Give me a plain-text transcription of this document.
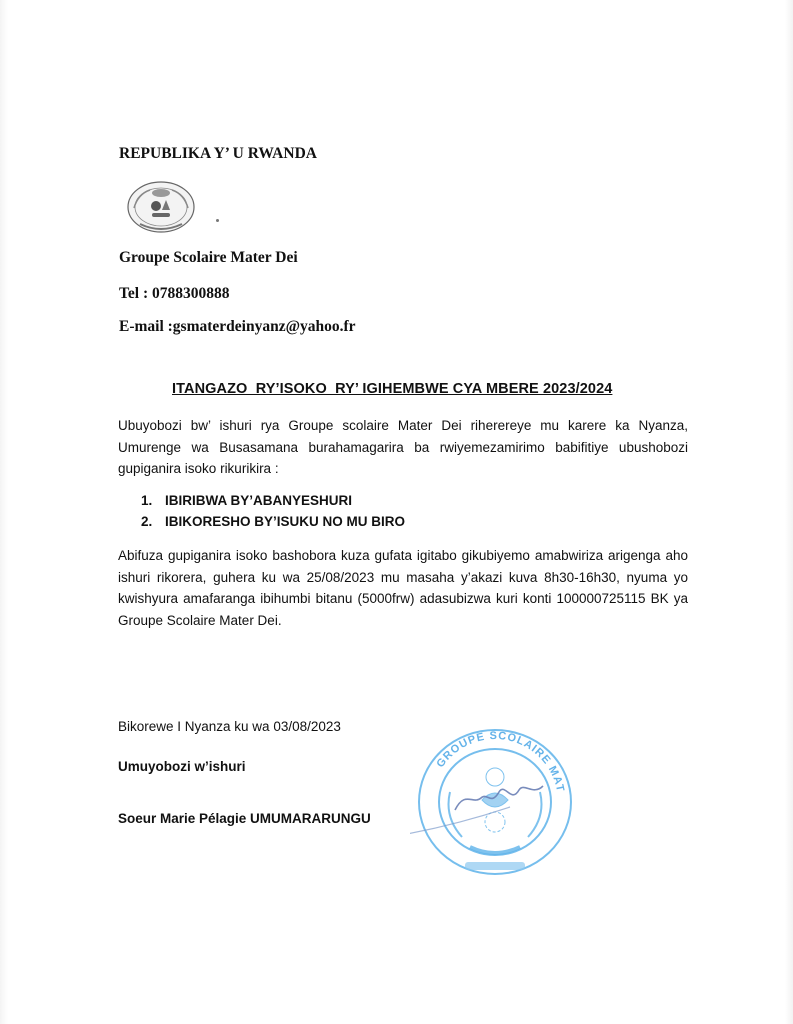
REPUBLIKA Y’ U RWANDA
Groupe Scolaire Mater Dei
Tel : 0788300888
E-mail :gsmaterdeinyanz@yahoo.fr
ITANGAZO  RY’ISOKO  RY’ IGIHEMBWE CYA MBERE 2023/2024
Ubuyobozi bw’ ishuri rya Groupe scolaire Mater Dei riherereye mu karere ka Nyanza,
Umurenge wa Busasamana burahamagarira ba rwiyemezamirimo babifitiye ubushobozi
gupiganira isoko rikurikira :
1. IBIRIBWA BY’ABANYESHURI
2. IBIKORESHO BY’ISUKU NO MU BIRO
Abifuza gupiganira isoko bashobora kuza gufata igitabo gikubiyemo amabwiriza arigenga aho
ishuri rikorera, guhera ku wa 25/08/2023 mu masaha y’akazi kuva 8h30-16h30, nyuma yo
kwishyura amafaranga ibihumbi bitanu (5000frw) adasubizwa kuri konti 100000725115 BK ya
Groupe Scolaire Mater Dei.
Bikorewe I Nyanza ku wa 03/08/2023
Umuyobozi w’ishuri
Soeur Marie Pélagie UMUMARARUNGU
GROUPE SCOLAIRE MAT
